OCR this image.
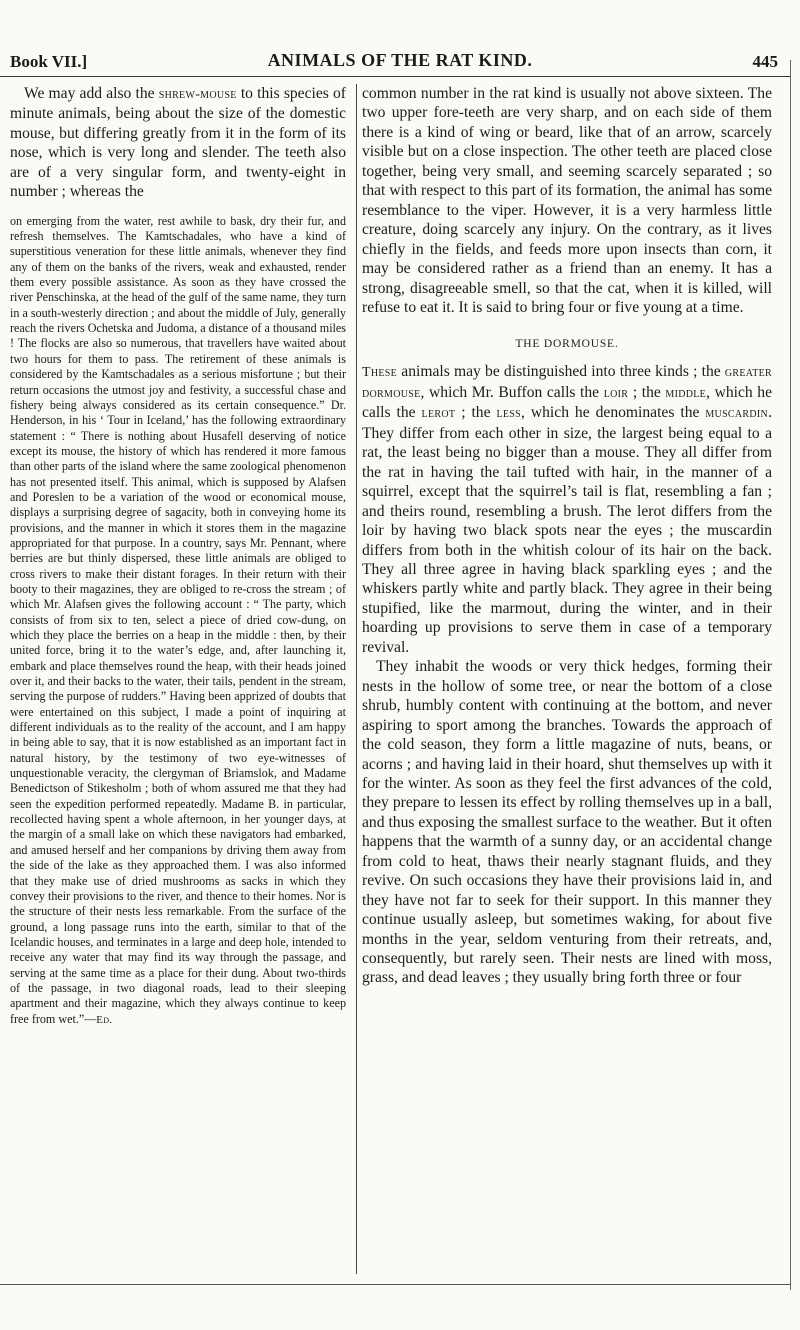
Book VII.]	ANIMALS OF THE RAT KIND.	445

We may add also the shrew-mouse to this species of minute animals, being about the size of the domestic mouse, but differing greatly from it in the form of its nose, which is very long and slender. The teeth also are of a very singular form, and twenty-eight in number ; whereas the

on emerging from the water, rest awhile to bask, dry their fur, and refresh themselves. The Kamtschadales, who have a kind of superstitious veneration for these little animals, whenever they find any of them on the banks of the rivers, weak and exhausted, render them every possible assistance. As soon as they have crossed the river Penschinska, at the head of the gulf of the same name, they turn in a south-westerly direction ; and about the middle of July, generally reach the rivers Ochetska and Judoma, a distance of a thousand miles ! The flocks are also so numerous, that travellers have waited about two hours for them to pass. The retirement of these animals is considered by the Kamtschadales as a serious misfortune ; but their return occasions the utmost joy and festivity, a successful chase and fishery being always considered as its certain consequence.” Dr. Henderson, in his ‘ Tour in Iceland,’ has the following extraordinary statement : “ There is nothing about Husafell deserving of notice except its mouse, the history of which has rendered it more famous than other parts of the island where the same zoological phenomenon has not presented itself. This animal, which is supposed by Alafsen and Poreslen to be a variation of the wood or economical mouse, displays a surprising degree of sagacity, both in conveying home its provisions, and the manner in which it stores them in the magazine appropriated for that purpose. In a country, says Mr. Pennant, where berries are but thinly dispersed, these little animals are obliged to cross rivers to make their distant forages. In their return with their booty to their magazines, they are obliged to re-cross the stream ; of which Mr. Alafsen gives the following account : “ The party, which consists of from six to ten, select a piece of dried cow-dung, on which they place the berries on a heap in the middle : then, by their united force, bring it to the water’s edge, and, after launching it, embark and place themselves round the heap, with their heads joined over it, and their backs to the water, their tails, pendent in the stream, serving the purpose of rudders.” Having been apprized of doubts that were entertained on this subject, I made a point of inquiring at different individuals as to the reality of the account, and I am happy in being able to say, that it is now established as an important fact in natural history, by the testimony of two eye-witnesses of unquestionable veracity, the clergyman of Briamslok, and Madame Benedictson of Stikesholm ; both of whom assured me that they had seen the expedition performed repeatedly. Madame B. in particular, recollected having spent a whole afternoon, in her younger days, at the margin of a small lake on which these navigators had embarked, and amused herself and her companions by driving them away from the side of the lake as they approached them. I was also informed that they make use of dried mushrooms as sacks in which they convey their provisions to the river, and thence to their homes. Nor is the structure of their nests less remarkable. From the surface of the ground, a long passage runs into the earth, similar to that of the Icelandic houses, and terminates in a large and deep hole, intended to receive any water that may find its way through the passage, and serving at the same time as a place for their dung. About two-thirds of the passage, in two diagonal roads, lead to their sleeping apartment and their magazine, which they always continue to keep free from wet.”—Ed.

common number in the rat kind is usually not above sixteen. The two upper fore-teeth are very sharp, and on each side of them there is a kind of wing or beard, like that of an arrow, scarcely visible but on a close inspection. The other teeth are placed close together, being very small, and seeming scarcely separated ; so that with respect to this part of its formation, the animal has some resemblance to the viper. However, it is a very harmless little creature, doing scarcely any injury. On the contrary, as it lives chiefly in the fields, and feeds more upon insects than corn, it may be considered rather as a friend than an enemy. It has a strong, disagreeable smell, so that the cat, when it is killed, will refuse to eat it. It is said to bring four or five young at a time.

THE DORMOUSE.

These animals may be distinguished into three kinds ; the greater dormouse, which Mr. Buffon calls the loir ; the middle, which he calls the lerot ; the less, which he denominates the muscardin. They differ from each other in size, the largest being equal to a rat, the least being no bigger than a mouse. They all differ from the rat in having the tail tufted with hair, in the manner of a squirrel, except that the squirrel’s tail is flat, resembling a fan ; and theirs round, resembling a brush. The lerot differs from the loir by having two black spots near the eyes ; the muscardin differs from both in the whitish colour of its hair on the back. They all three agree in having black sparkling eyes ; and the whiskers partly white and partly black. They agree in their being stupified, like the marmout, during the winter, and in their hoarding up provisions to serve them in case of a temporary revival.

They inhabit the woods or very thick hedges, forming their nests in the hollow of some tree, or near the bottom of a close shrub, humbly content with continuing at the bottom, and never aspiring to sport among the branches. Towards the approach of the cold season, they form a little magazine of nuts, beans, or acorns ; and having laid in their hoard, shut themselves up with it for the winter. As soon as they feel the first advances of the cold, they prepare to lessen its effect by rolling themselves up in a ball, and thus exposing the smallest surface to the weather. But it often happens that the warmth of a sunny day, or an accidental change from cold to heat, thaws their nearly stagnant fluids, and they revive. On such occasions they have their provisions laid in, and they have not far to seek for their support. In this manner they continue usually asleep, but sometimes waking, for about five months in the year, seldom venturing from their retreats, and, consequently, but rarely seen. Their nests are lined with moss, grass, and dead leaves ; they usually bring forth three or four
